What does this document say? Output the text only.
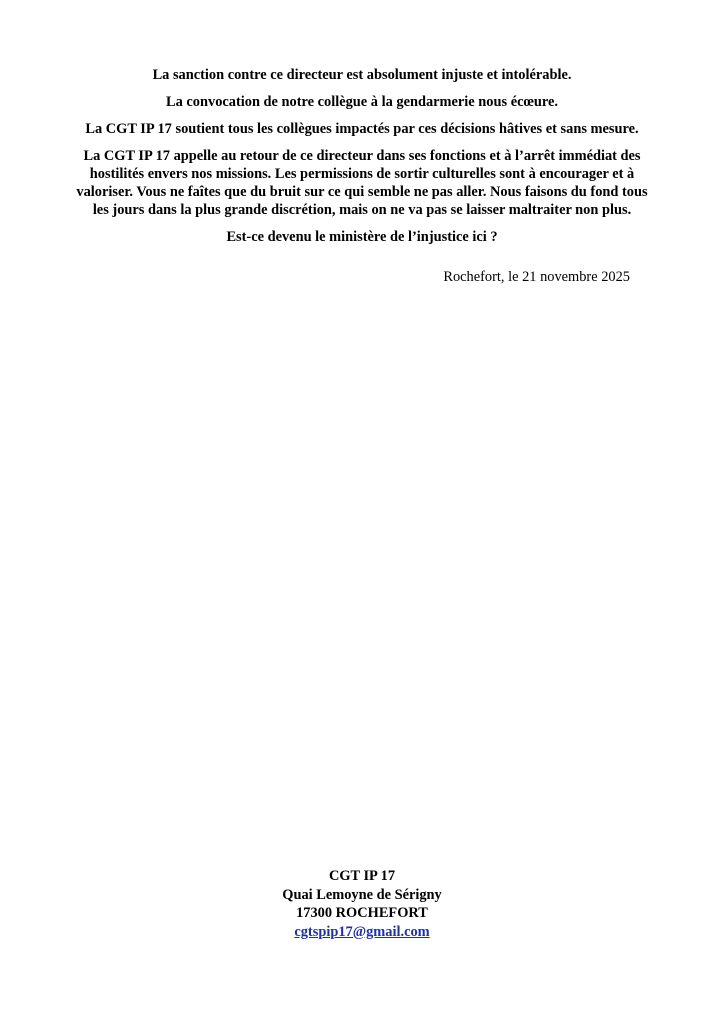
La sanction contre ce directeur est absolument injuste et intolérable.

La convocation de notre collègue à la gendarmerie nous écœure.

La CGT IP 17 soutient tous les collègues impactés par ces décisions hâtives et sans mesure.

La CGT IP 17 appelle au retour de ce directeur dans ses fonctions et à l’arrêt immédiat des hostilités envers nos missions. Les permissions de sortir culturelles sont à encourager et à valoriser. Vous ne faîtes que du bruit sur ce qui semble ne pas aller. Nous faisons du fond tous les jours dans la plus grande discrétion, mais on ne va pas se laisser maltraiter non plus.

Est-ce devenu le ministère de l’injustice ici ?

Rochefort, le 21 novembre 2025
CGT IP 17
Quai Lemoyne de Sérigny
17300 ROCHEFORT
cgtspip17@gmail.com
